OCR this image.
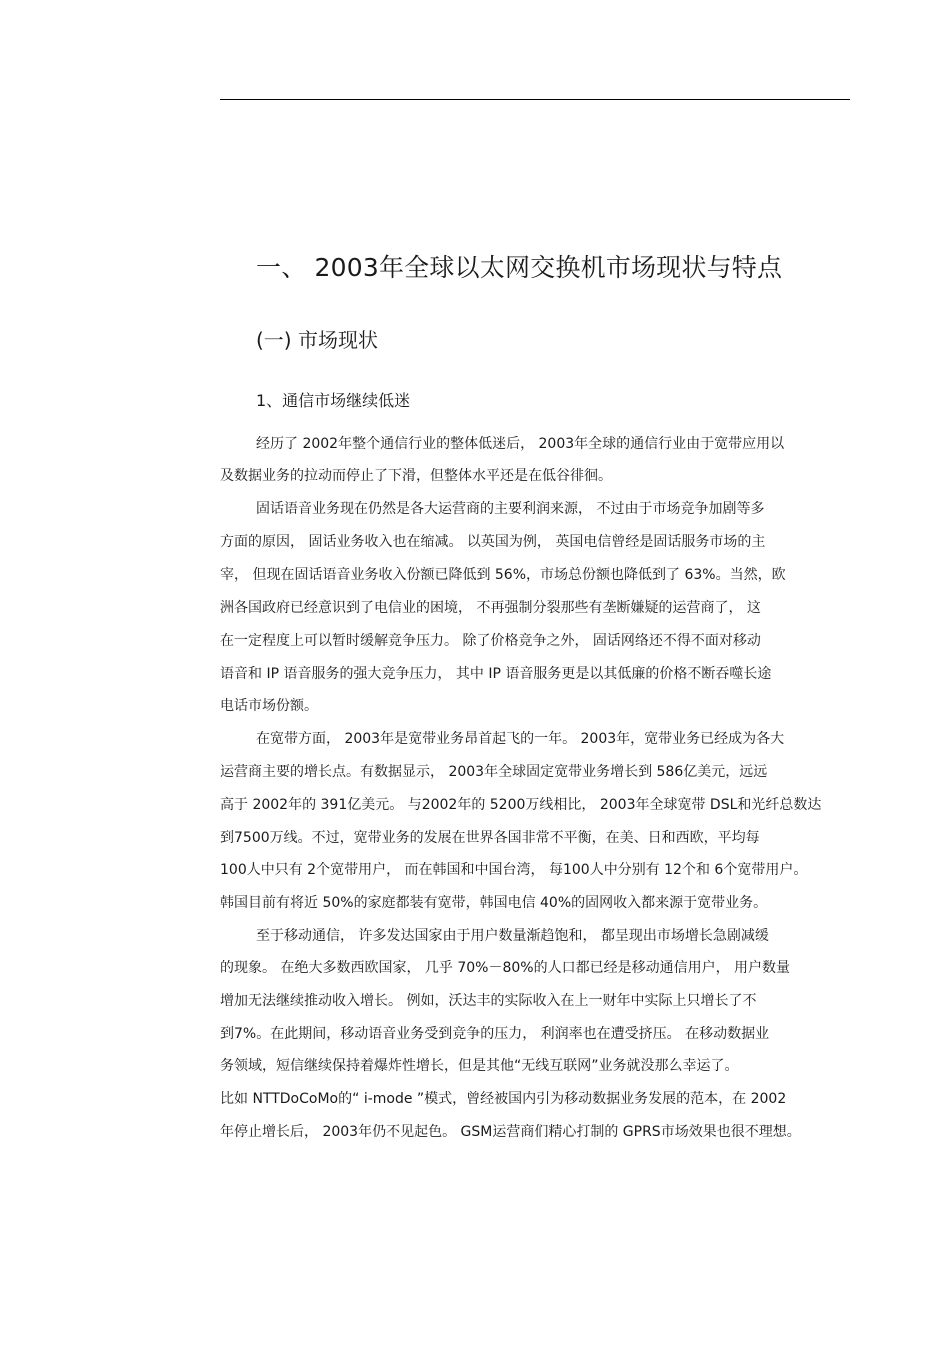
一、 2003年全球以太网交换机市场现状与特点
(一) 市场现状
1、通信市场继续低迷
经历了 2002年整个通信行业的整体低迷后， 2003年全球的通信行业由于宽带应用以
及数据业务的拉动而停止了下滑，但整体水平还是在低谷徘徊。
固话语音业务现在仍然是各大运营商的主要利润来源， 不过由于市场竞争加剧等多
方面的原因， 固话业务收入也在缩减。 以英国为例， 英国电信曾经是固话服务市场的主
宰， 但现在固话语音业务收入份额已降低到 56%，市场总份额也降低到了 63%。当然，欧
洲各国政府已经意识到了电信业的困境， 不再强制分裂那些有垄断嫌疑的运营商了， 这
在一定程度上可以暂时缓解竞争压力。 除了价格竞争之外， 固话网络还不得不面对移动
语音和 IP 语音服务的强大竞争压力， 其中 IP 语音服务更是以其低廉的价格不断吞噬长途
电话市场份额。
在宽带方面， 2003年是宽带业务昂首起飞的一年。 2003年，宽带业务已经成为各大
运营商主要的增长点。有数据显示， 2003年全球固定宽带业务增长到 586亿美元，远远
高于 2002年的 391亿美元。 与2002年的 5200万线相比， 2003年全球宽带 DSL和光纤总数达
到7500万线。不过，宽带业务的发展在世界各国非常不平衡，在美、日和西欧，平均每
100人中只有 2个宽带用户， 而在韩国和中国台湾， 每100人中分别有 12个和 6个宽带用户。
韩国目前有将近 50%的家庭都装有宽带，韩国电信 40%的固网收入都来源于宽带业务。
至于移动通信， 许多发达国家由于用户数量渐趋饱和， 都呈现出市场增长急剧减缓
的现象。 在绝大多数西欧国家， 几乎 70%－80%的人口都已经是移动通信用户， 用户数量
增加无法继续推动收入增长。 例如，沃达丰的实际收入在上一财年中实际上只增长了不
到7%。在此期间，移动语音业务受到竞争的压力， 利润率也在遭受挤压。 在移动数据业
务领域，短信继续保持着爆炸性增长，但是其他“无线互联网”业务就没那么幸运了。
比如 NTTDoCoMo的“ i-mode ”模式，曾经被国内引为移动数据业务发展的范本，在 2002
年停止增长后， 2003年仍不见起色。 GSM运营商们精心打制的 GPRS市场效果也很不理想。
